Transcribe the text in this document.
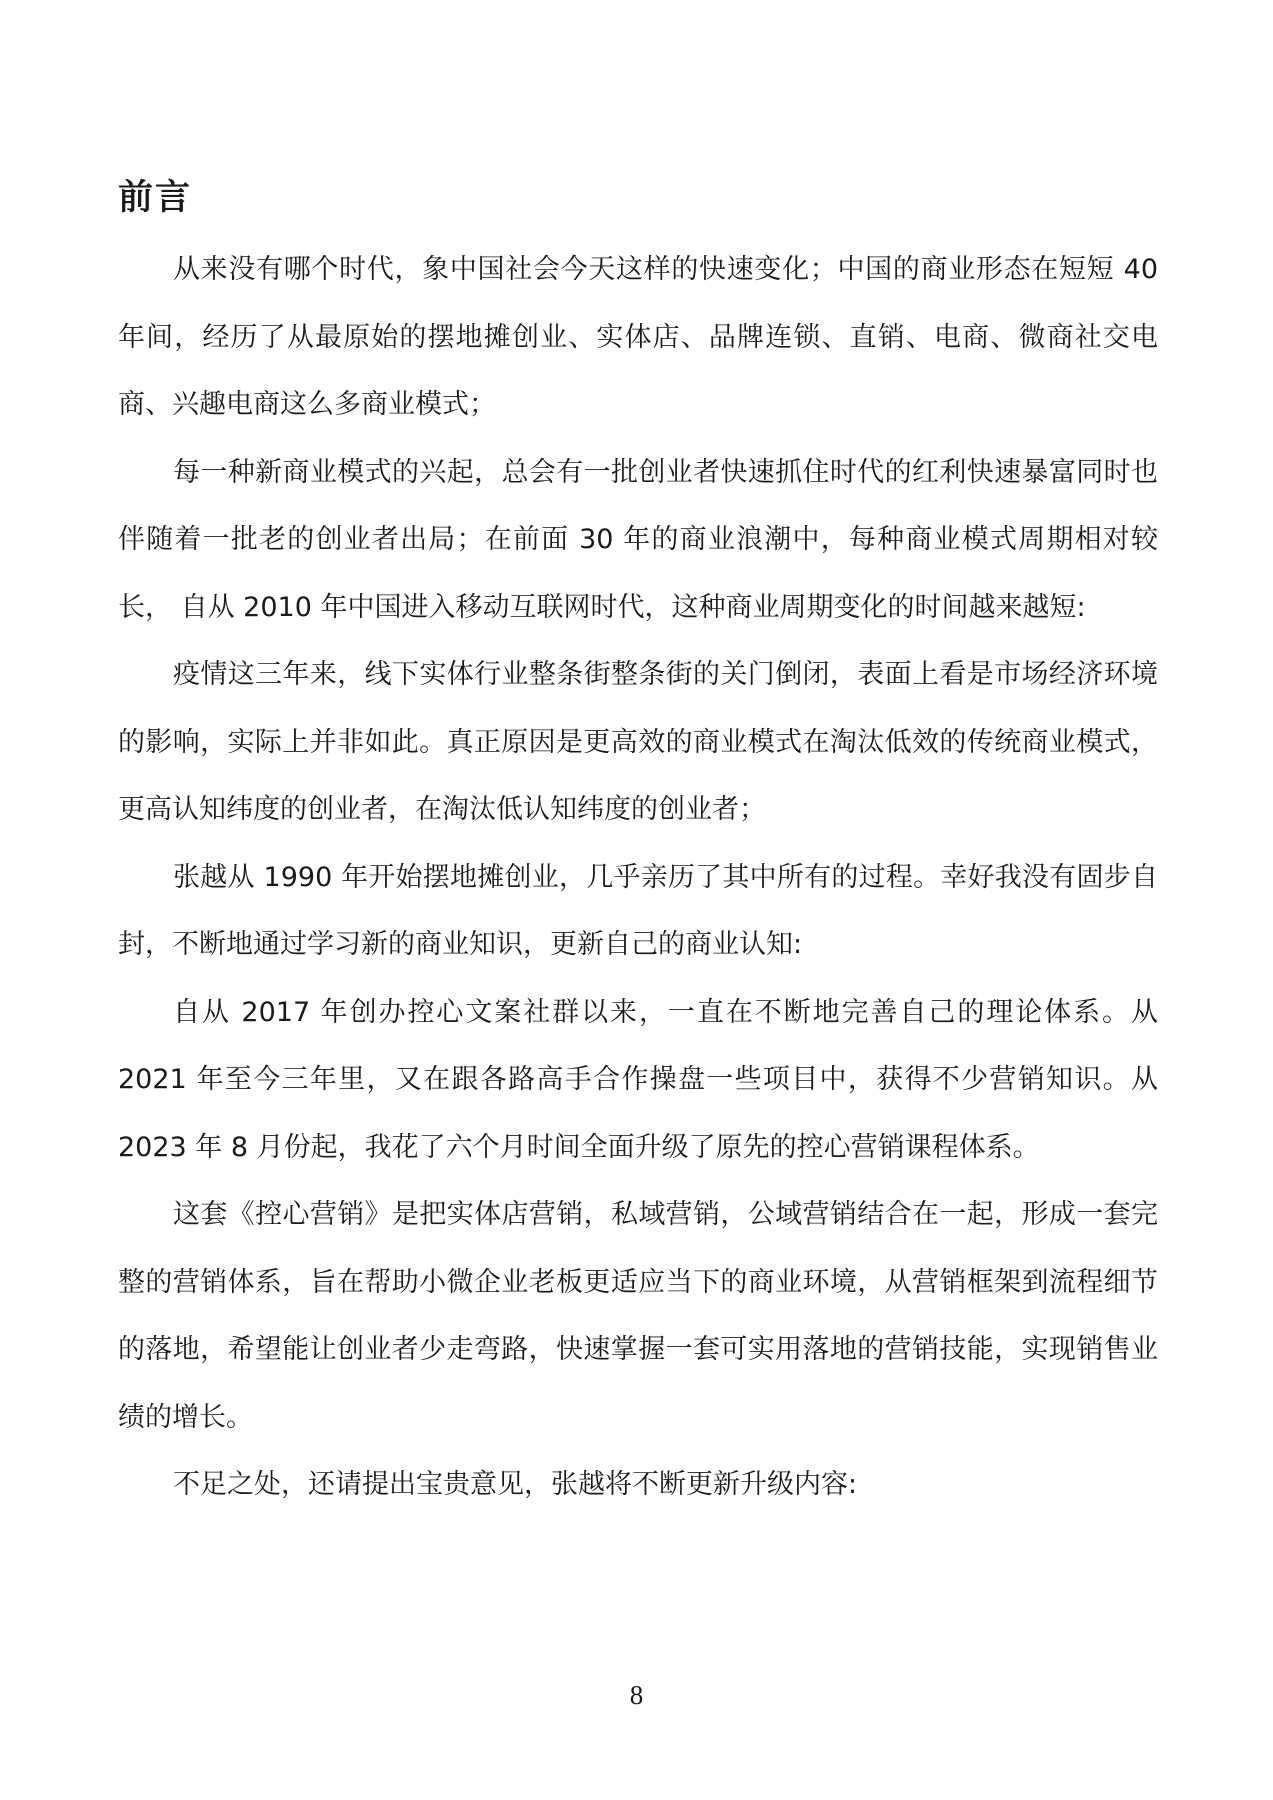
前言

从来没有哪个时代，象中国社会今天这样的快速变化；中国的商业形态在短短 40 年间，经历了从最原始的摆地摊创业、实体店、品牌连锁、直销、电商、微商社交电商、兴趣电商这么多商业模式；

每一种新商业模式的兴起，总会有一批创业者快速抓住时代的红利快速暴富同时也伴随着一批老的创业者出局；在前面 30 年的商业浪潮中，每种商业模式周期相对较长， 自从 2010 年中国进入移动互联网时代，这种商业周期变化的时间越来越短:

疫情这三年来，线下实体行业整条街整条街的关门倒闭，表面上看是市场经济环境的影响，实际上并非如此。真正原因是更高效的商业模式在淘汰低效的传统商业模式，更高认知纬度的创业者，在淘汰低认知纬度的创业者；

张越从 1990 年开始摆地摊创业，几乎亲历了其中所有的过程。幸好我没有固步自封，不断地通过学习新的商业知识，更新自己的商业认知:

自从 2017 年创办控心文案社群以来，一直在不断地完善自己的理论体系。从 2021 年至今三年里，又在跟各路高手合作操盘一些项目中，获得不少营销知识。从 2023 年 8 月份起，我花了六个月时间全面升级了原先的控心营销课程体系。

这套《控心营销》是把实体店营销，私域营销，公域营销结合在一起，形成一套完整的营销体系，旨在帮助小微企业老板更适应当下的商业环境，从营销框架到流程细节的落地，希望能让创业者少走弯路，快速掌握一套可实用落地的营销技能，实现销售业绩的增长。

不足之处，还请提出宝贵意见，张越将不断更新升级内容:

8
